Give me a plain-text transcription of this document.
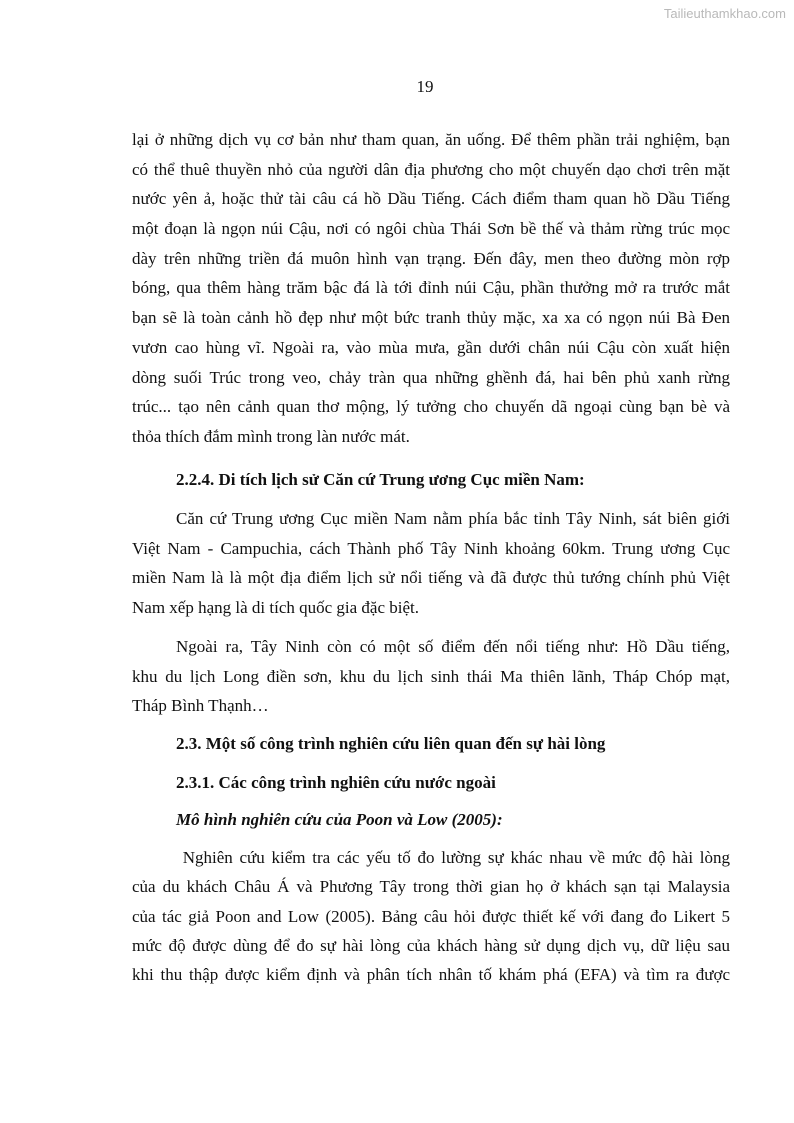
Tailieuthamkhao.com
19
lại ở những dịch vụ cơ bản như tham quan, ăn uống. Để thêm phần trải nghiệm, bạn
có thể thuê thuyền nhỏ của người dân địa phương cho một chuyến dạo chơi trên mặt
nước yên ả, hoặc thử tài câu cá hồ Dầu Tiếng. Cách điểm tham quan hồ Dầu Tiếng
một đoạn là ngọn núi Cậu, nơi có ngôi chùa Thái Sơn bề thế và thảm rừng trúc mọc
dày trên những triền đá muôn hình vạn trạng. Đến đây, men theo đường mòn rợp
bóng, qua thêm hàng trăm bậc đá là tới đỉnh núi Cậu, phần thưởng mở ra trước mắt
bạn sẽ là toàn cảnh hồ đẹp như một bức tranh thủy mặc, xa xa có ngọn núi Bà Đen
vươn cao hùng vĩ. Ngoài ra, vào mùa mưa, gần dưới chân núi Cậu còn xuất hiện
dòng suối Trúc trong veo, chảy tràn qua những ghềnh đá, hai bên phủ xanh rừng
trúc... tạo nên cảnh quan thơ mộng, lý tưởng cho chuyến dã ngoại cùng bạn bè và
thỏa thích đắm mình trong làn nước mát.
2.2.4. Di tích lịch sử Căn cứ Trung ương Cục miền Nam:
Căn cứ Trung ương Cục miền Nam nằm phía bắc tỉnh Tây Ninh, sát biên giới
Việt Nam - Campuchia, cách Thành phố Tây Ninh khoảng 60km. Trung ương Cục
miền Nam là là một địa điểm lịch sử nổi tiếng và đã được thủ tướng chính phủ Việt
Nam xếp hạng là di tích quốc gia đặc biệt.
Ngoài ra, Tây Ninh còn có một số điểm đến nổi tiếng như: Hồ Dầu tiếng,
khu du lịch Long điền sơn, khu du lịch sinh thái Ma thiên lãnh, Tháp Chóp mạt,
Tháp Bình Thạnh…
2.3. Một số công trình nghiên cứu liên quan đến sự hài lòng
2.3.1. Các công trình nghiên cứu nước ngoài
Mô hình nghiên cứu của Poon và Low (2005):
Nghiên cứu kiểm tra các yếu tố đo lường sự khác nhau về mức độ hài lòng
của du khách Châu Á và Phương Tây trong thời gian họ ở khách sạn tại Malaysia
của tác giả Poon and Low (2005). Bảng câu hỏi được thiết kế với đang đo Likert 5
mức độ được dùng để đo sự hài lòng của khách hàng sử dụng dịch vụ, dữ liệu sau
khi thu thập được kiểm định và phân tích nhân tố khám phá (EFA) và tìm ra được
